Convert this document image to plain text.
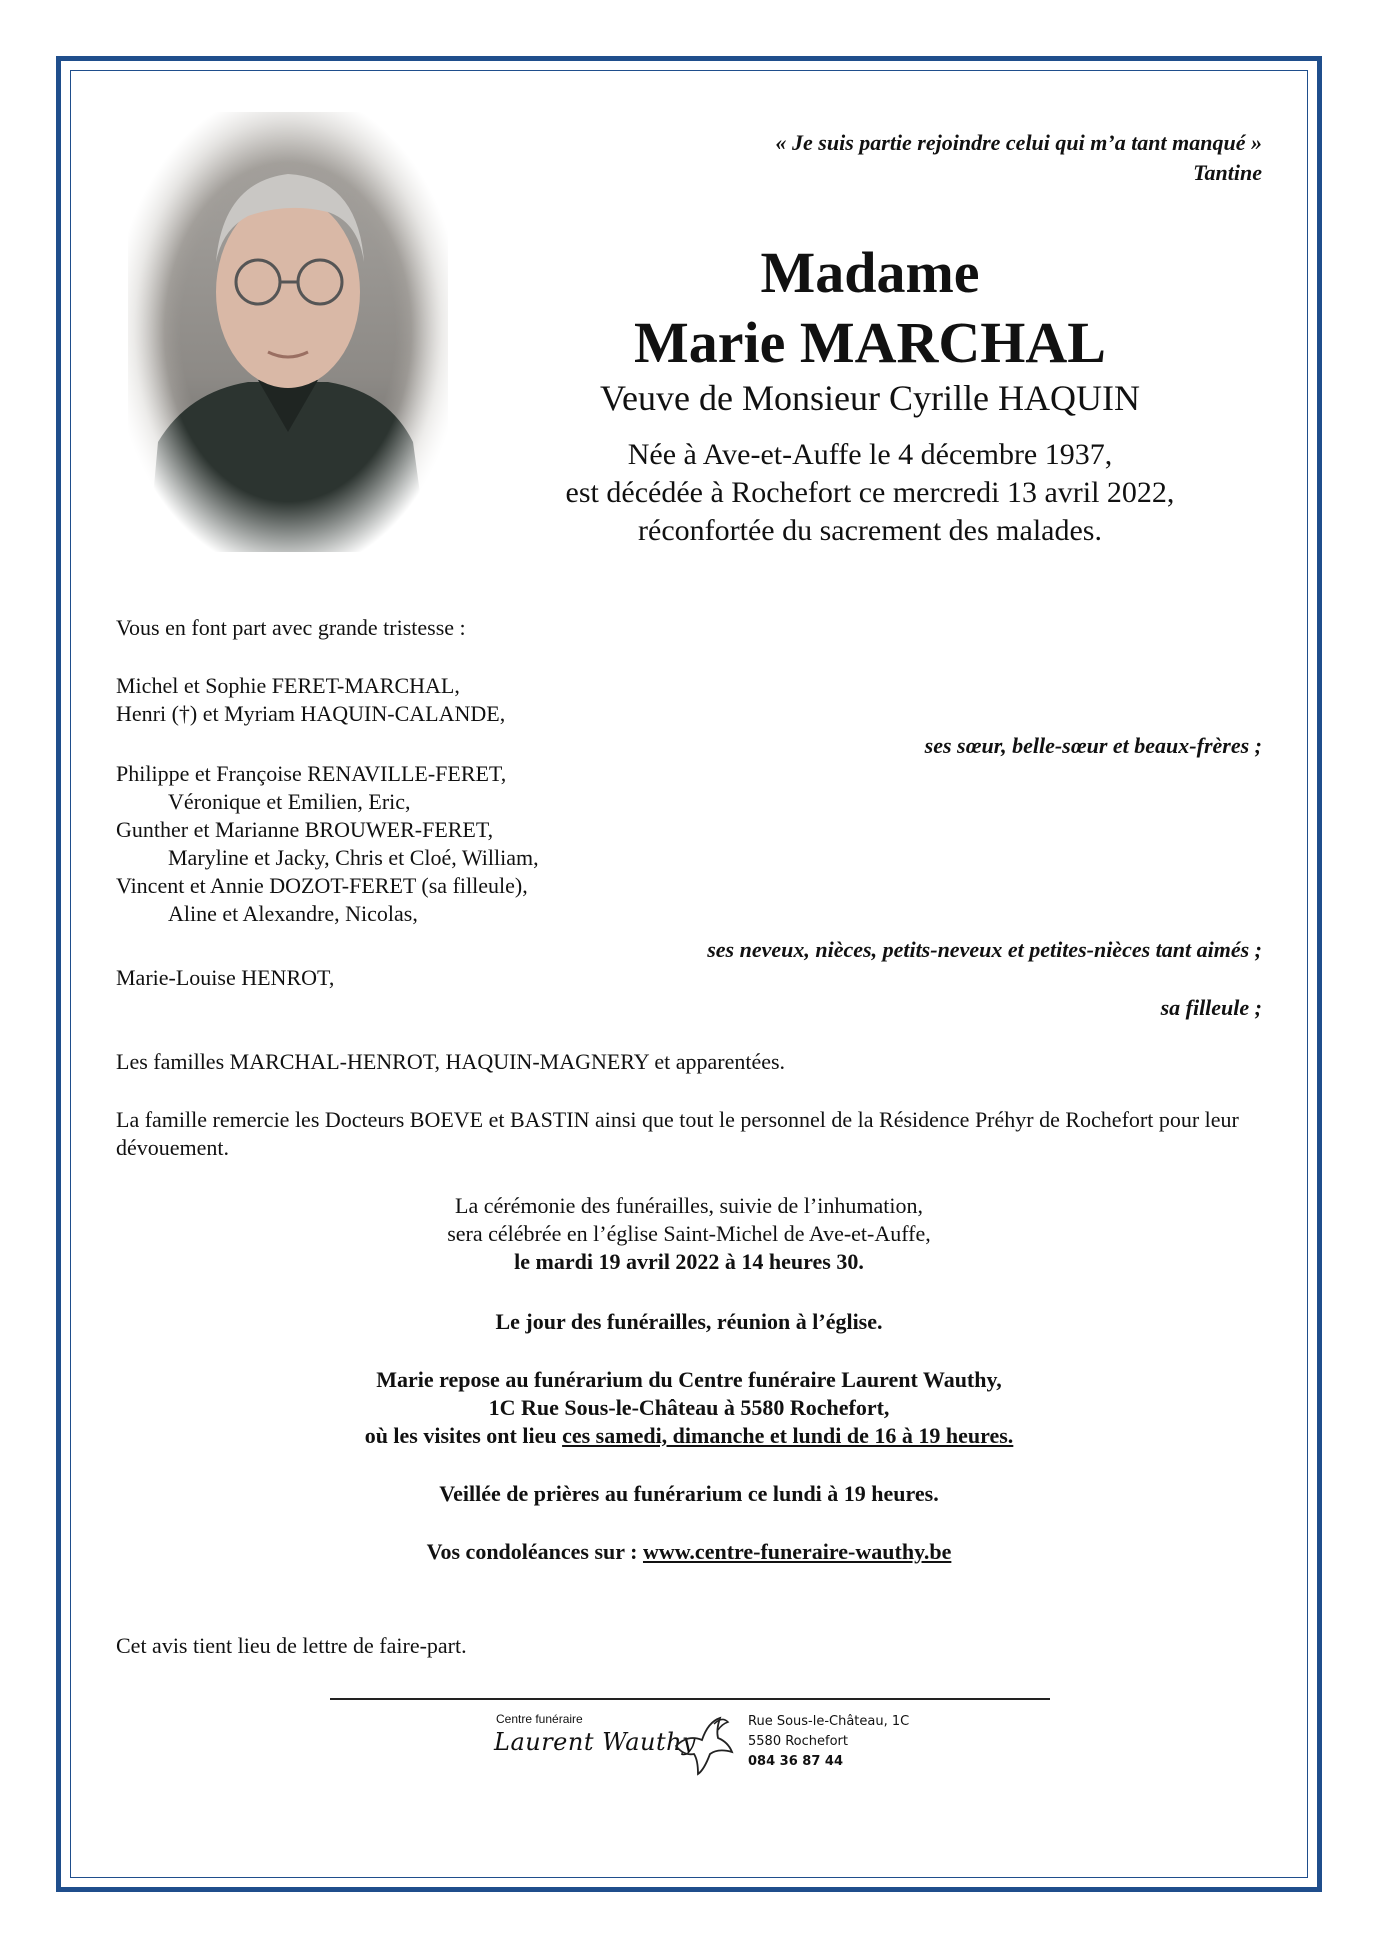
« Je suis partie rejoindre celui qui m’a tant manqué »
Tantine
Madame
Marie MARCHAL
Veuve de Monsieur Cyrille HAQUIN
Née à Ave-et-Auffe le 4 décembre 1937,
est décédée à Rochefort ce mercredi 13 avril 2022,
réconfortée du sacrement des malades.
Vous en font part avec grande tristesse :
Michel et Sophie FERET-MARCHAL,
Henri (†) et Myriam HAQUIN-CALANDE,
ses sœur, belle-sœur et beaux-frères ;
Philippe et Françoise RENAVILLE-FERET,
Véronique et Emilien, Eric,
Gunther et Marianne BROUWER-FERET,
Maryline et Jacky, Chris et Cloé, William,
Vincent et Annie DOZOT-FERET (sa filleule),
Aline et Alexandre, Nicolas,
ses neveux, nièces, petits-neveux et petites-nièces tant aimés ;
Marie-Louise HENROT,
sa filleule ;
Les familles MARCHAL-HENROT, HAQUIN-MAGNERY et apparentées.
La famille remercie les Docteurs BOEVE et BASTIN ainsi que tout le personnel de la Résidence Préhyr de Rochefort pour leur dévouement.
La cérémonie des funérailles, suivie de l’inhumation,
sera célébrée en l’église Saint-Michel de Ave-et-Auffe,
le mardi 19 avril 2022 à 14 heures 30.
Le jour des funérailles, réunion à l’église.
Marie repose au funérarium du Centre funéraire Laurent Wauthy,
1C Rue Sous-le-Château à 5580 Rochefort,
où les visites ont lieu ces samedi, dimanche et lundi de 16 à 19 heures.
Veillée de prières au funérarium ce lundi à 19 heures.
Vos condoléances sur : www.centre-funeraire-wauthy.be
Cet avis tient lieu de lettre de faire-part.
Centre funéraire
Laurent Wauthy
Rue Sous-le-Château, 1C
5580 Rochefort
084 36 87 44
